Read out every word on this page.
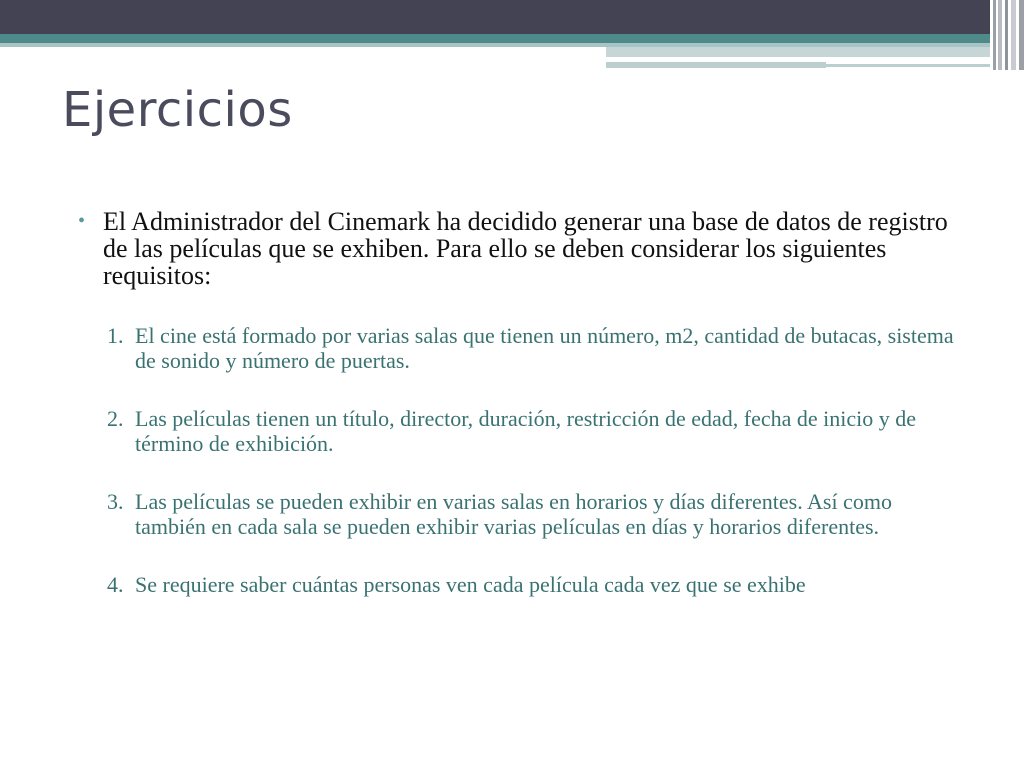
Ejercicios

• El Administrador del Cinemark ha decidido generar una base de datos de registro de las películas que se exhiben. Para ello se deben considerar los siguientes requisitos:

1. El cine está formado por varias salas que tienen un número, m2, cantidad de butacas, sistema de sonido y número de puertas.
2. Las películas tienen un título, director, duración, restricción de edad, fecha de inicio y de término de exhibición.
3. Las películas se pueden exhibir en varias salas en horarios y días diferentes. Así como también en cada sala se pueden exhibir varias películas en días y horarios diferentes.
4. Se requiere saber cuántas personas ven cada película cada vez que se exhibe
